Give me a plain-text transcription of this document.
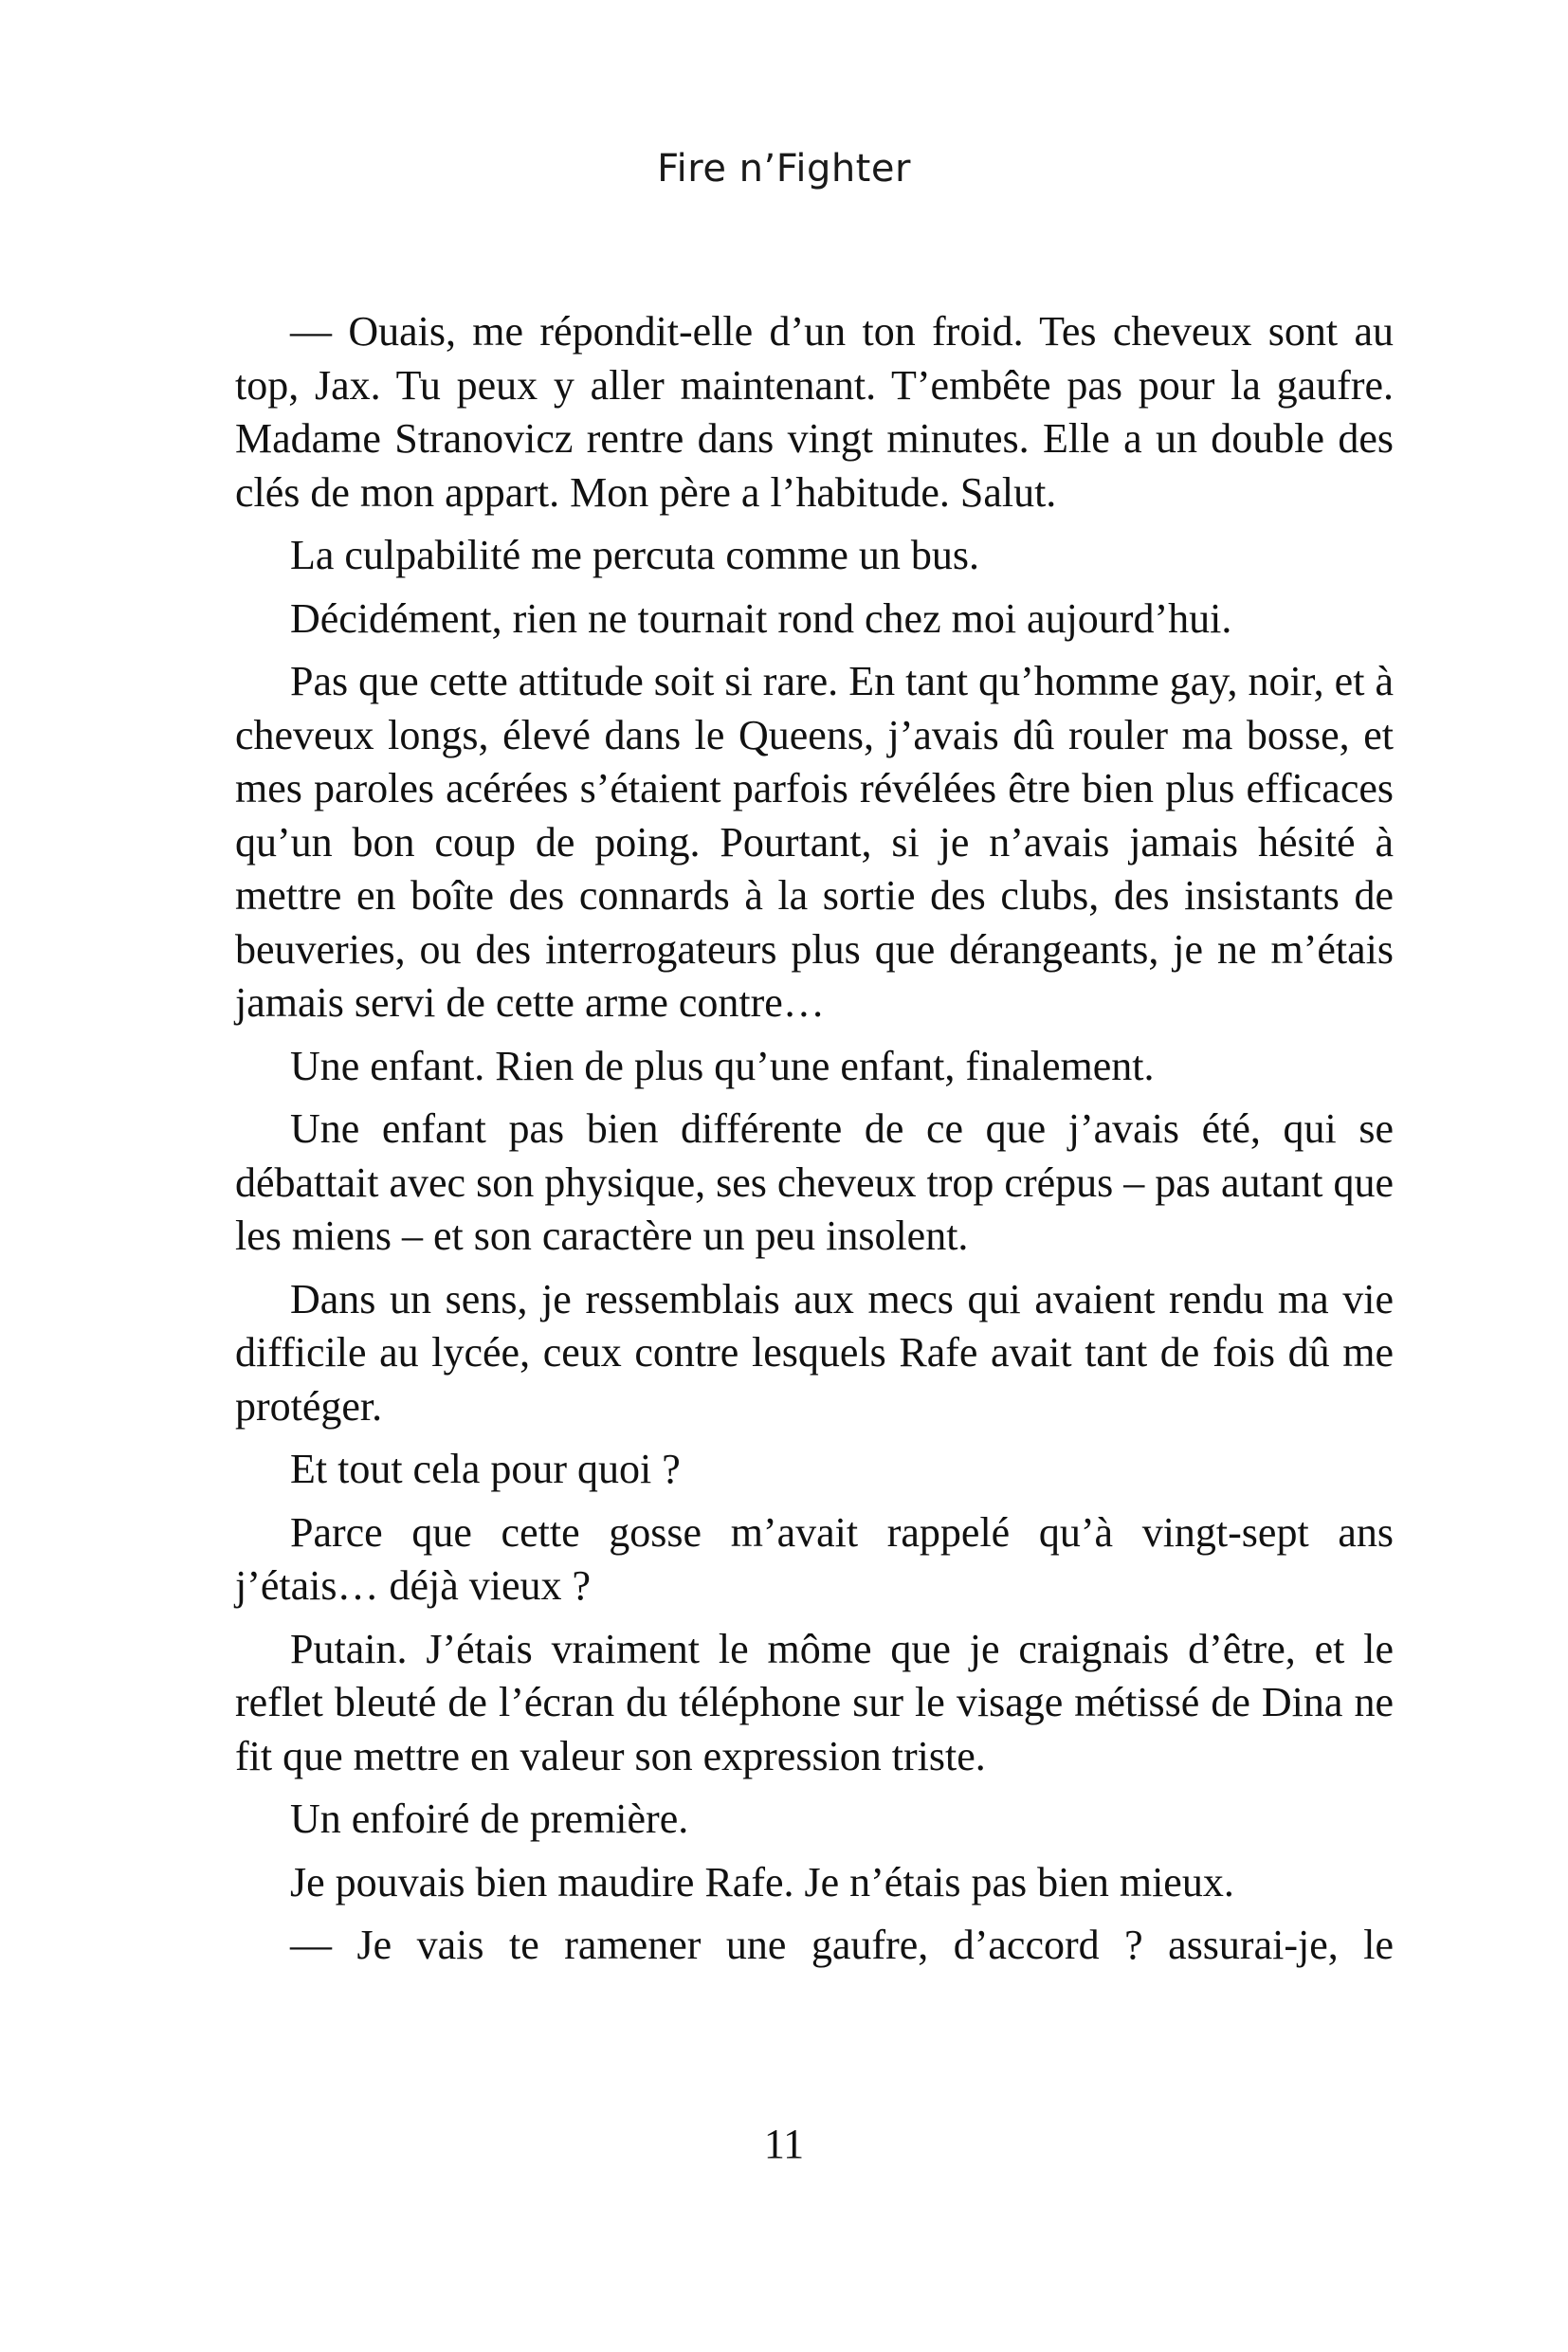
Fire n’Fighter

— Ouais, me répondit-elle d’un ton froid. Tes cheveux sont au top, Jax. Tu peux y aller maintenant. T’embête pas pour la gaufre. Madame Stranovicz rentre dans vingt minutes. Elle a un double des clés de mon appart. Mon père a l’habitude. Salut.

La culpabilité me percuta comme un bus.

Décidément, rien ne tournait rond chez moi aujourd’hui.

Pas que cette attitude soit si rare. En tant qu’homme gay, noir, et à cheveux longs, élevé dans le Queens, j’avais dû rouler ma bosse, et mes paroles acérées s’étaient parfois révélées être bien plus efficaces qu’un bon coup de poing. Pourtant, si je n’avais jamais hésité à mettre en boîte des connards à la sortie des clubs, des insistants de beuveries, ou des interrogateurs plus que dérangeants, je ne m’étais jamais servi de cette arme contre…

Une enfant. Rien de plus qu’une enfant, finalement.

Une enfant pas bien différente de ce que j’avais été, qui se débattait avec son physique, ses cheveux trop crépus – pas autant que les miens – et son caractère un peu insolent.

Dans un sens, je ressemblais aux mecs qui avaient rendu ma vie difficile au lycée, ceux contre lesquels Rafe avait tant de fois dû me protéger.

Et tout cela pour quoi ?

Parce que cette gosse m’avait rappelé qu’à vingt-sept ans j’étais… déjà vieux ?

Putain. J’étais vraiment le môme que je craignais d’être, et le reflet bleuté de l’écran du téléphone sur le visage métissé de Dina ne fit que mettre en valeur son expression triste.

Un enfoiré de première.

Je pouvais bien maudire Rafe. Je n’étais pas bien mieux.

— Je vais te ramener une gaufre, d’accord ? assurai-je, le

11
